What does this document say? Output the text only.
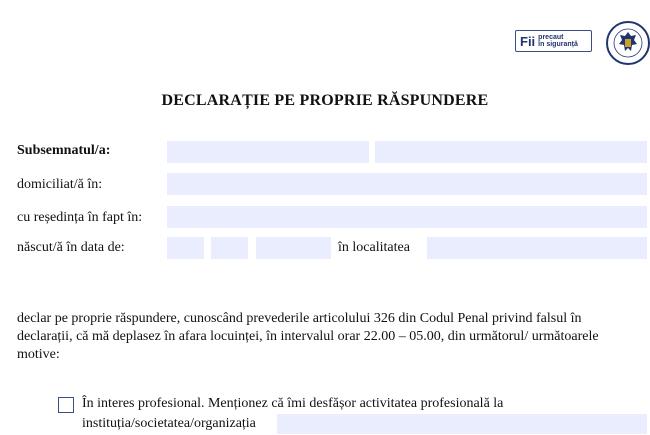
Fii precaut
în siguranță
DECLARAȚIE PE PROPRIE RĂSPUNDERE
Subsemnatul/a:
domiciliat/ă în:
cu reședința în fapt în:
născut/ă în data de:	în localitatea
declar pe proprie răspundere, cunoscând prevederile articolului 326 din Codul Penal privind falsul în declarații, că mă deplasez în afara locuinței, în intervalul orar 22.00 – 05.00, din următorul/ următoarele motive:
În interes profesional. Menționez că îmi desfășor activitatea profesională la
instituția/societatea/organizația
